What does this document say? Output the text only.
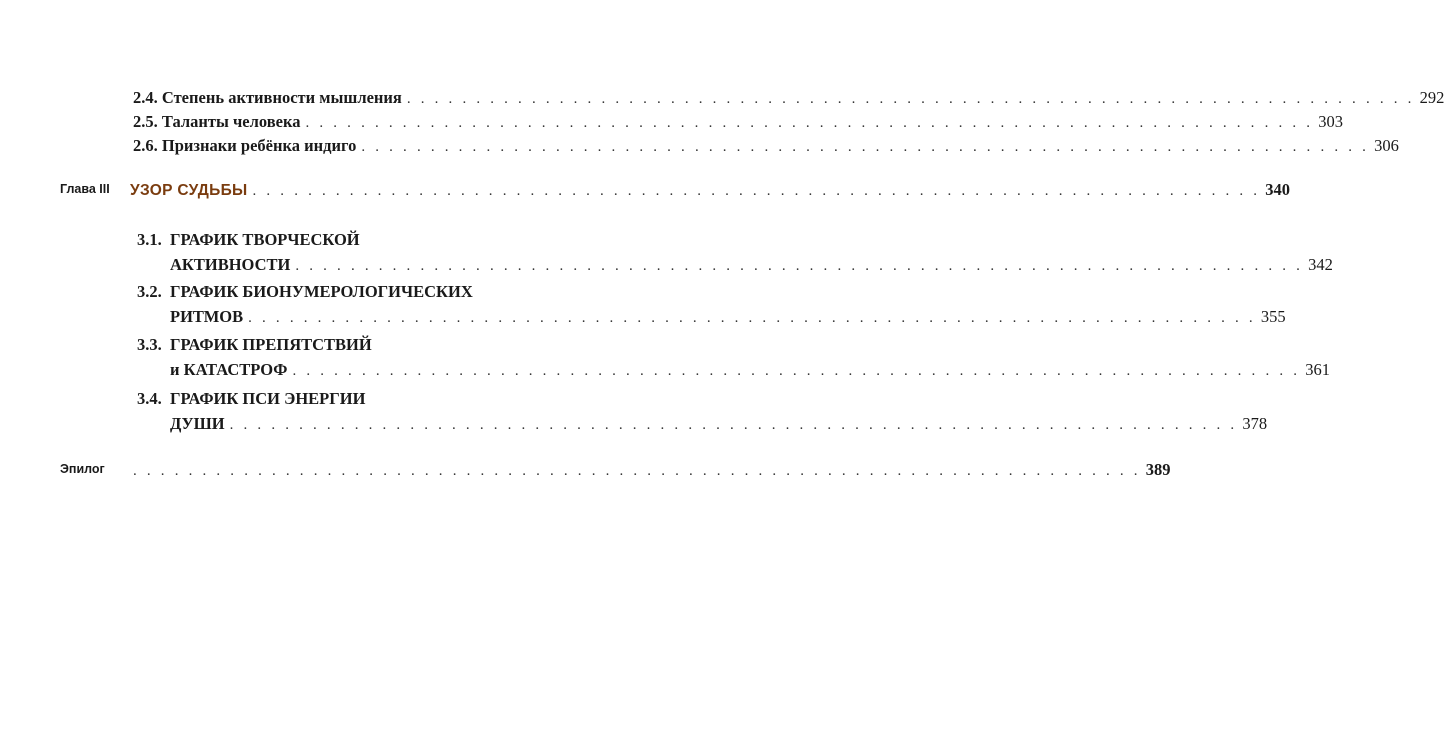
2.4. Степень активности мышления . . . . . . . . . . . . . . . . . . . . . . . . . . . . . . . . . . . . . . . . . . . . . . . . . . . . . . . . . . . . . . . . . . . . . . . . . 292
2.5. Таланты человека . . . . . . . . . . . . . . . . . . . . . . . . . . . . . . . . . . . . . . . . . . . . . . . . . . . . . . . . . . . . . . . . . . . . . . . . . 303
2.6. Признаки ребёнка индиго . . . . . . . . . . . . . . . . . . . . . . . . . . . . . . . . . . . . . . . . . . . . . . . . . . . . . . . . . . . . . . . . . . . . . . . . . 306
Глава III УЗОР СУДЬБЫ . . . . . . . . . . . . . . . . . . . . . . . . . . . . . . . . . . . . . . . . . . . . . . . . . . . . . . . . . . . . . . . . . . . . . . . . . 340
3.1. ГРАФИК ТВОРЧЕСКОЙ
АКТИВНОСТИ . . . . . . . . . . . . . . . . . . . . . . . . . . . . . . . . . . . . . . . . . . . . . . . . . . . . . . . . . . . . . . . . . . . . . . . . . 342
3.2. ГРАФИК БИОНУМЕРОЛОГИЧЕСКИХ
РИТМОВ . . . . . . . . . . . . . . . . . . . . . . . . . . . . . . . . . . . . . . . . . . . . . . . . . . . . . . . . . . . . . . . . . . . . . . . . . 355
3.3. ГРАФИК ПРЕПЯТСТВИЙ
и КАТАСТРОФ . . . . . . . . . . . . . . . . . . . . . . . . . . . . . . . . . . . . . . . . . . . . . . . . . . . . . . . . . . . . . . . . . . . . . . . . . 361
3.4. ГРАФИК ПСИ ЭНЕРГИИ
ДУШИ . . . . . . . . . . . . . . . . . . . . . . . . . . . . . . . . . . . . . . . . . . . . . . . . . . . . . . . . . . . . . . . . . . . . . . . . . 378
Эпилог . . . . . . . . . . . . . . . . . . . . . . . . . . . . . . . . . . . . . . . . . . . . . . . . . . . . . . . . . . . . . . . . . . . . . . . . . 389
